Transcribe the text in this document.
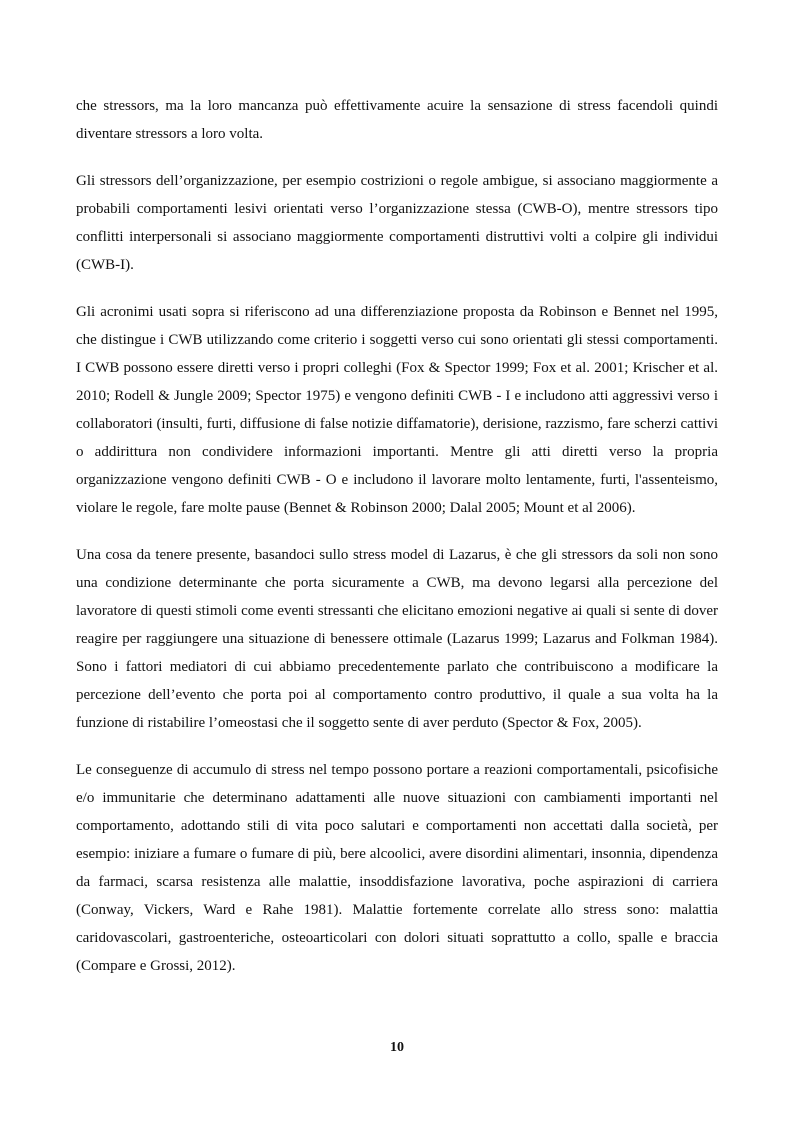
che stressors, ma la loro mancanza può effettivamente acuire la sensazione di stress facendoli quindi diventare stressors a loro volta.

Gli stressors dell’organizzazione, per esempio costrizioni o regole ambigue, si associano maggiormente a probabili comportamenti lesivi orientati verso l’organizzazione stessa (CWB-O), mentre stressors tipo conflitti interpersonali si associano maggiormente comportamenti distruttivi volti a colpire gli individui (CWB-I).

Gli acronimi usati sopra si riferiscono ad una differenziazione proposta da Robinson e Bennet nel 1995, che distingue i CWB utilizzando come criterio i soggetti verso cui sono orientati gli stessi comportamenti. I CWB possono essere diretti verso i propri colleghi (Fox & Spector 1999; Fox et al. 2001; Krischer et al. 2010; Rodell & Jungle 2009; Spector 1975) e vengono definiti CWB - I e includono atti aggressivi verso i collaboratori (insulti, furti, diffusione di false notizie diffamatorie), derisione, razzismo, fare scherzi cattivi o addirittura non condividere informazioni importanti. Mentre gli atti diretti verso la propria organizzazione vengono definiti CWB - O e includono il lavorare molto lentamente, furti, l'assenteismo, violare le regole, fare molte pause (Bennet & Robinson 2000; Dalal 2005; Mount et al 2006).

Una cosa da tenere presente, basandoci sullo stress model di Lazarus, è che gli stressors da soli non sono una condizione determinante che porta sicuramente a CWB, ma devono legarsi alla percezione del lavoratore di questi stimoli come eventi stressanti che elicitano emozioni negative ai quali si sente di dover reagire per raggiungere una situazione di benessere ottimale (Lazarus 1999; Lazarus and Folkman 1984). Sono i fattori mediatori di cui abbiamo precedentemente parlato che contribuiscono a modificare la percezione dell’evento che porta poi al comportamento contro produttivo, il quale a sua volta ha la funzione di ristabilire l’omeostasi che il soggetto sente di aver perduto (Spector & Fox, 2005).

Le conseguenze di accumulo di stress nel tempo possono portare a reazioni comportamentali, psicofisiche e/o immunitarie che determinano adattamenti alle nuove situazioni con cambiamenti importanti nel comportamento, adottando stili di vita poco salutari e comportamenti non accettati dalla società, per esempio: iniziare a fumare o fumare di più, bere alcoolici, avere disordini alimentari, insonnia, dipendenza da farmaci, scarsa resistenza alle malattie, insoddisfazione lavorativa, poche aspirazioni di carriera (Conway, Vickers, Ward e Rahe 1981). Malattie fortemente correlate allo stress sono: malattia caridovascolari, gastroenteriche, osteoarticolari con dolori situati soprattutto a collo, spalle e braccia (Compare e Grossi, 2012).

10
